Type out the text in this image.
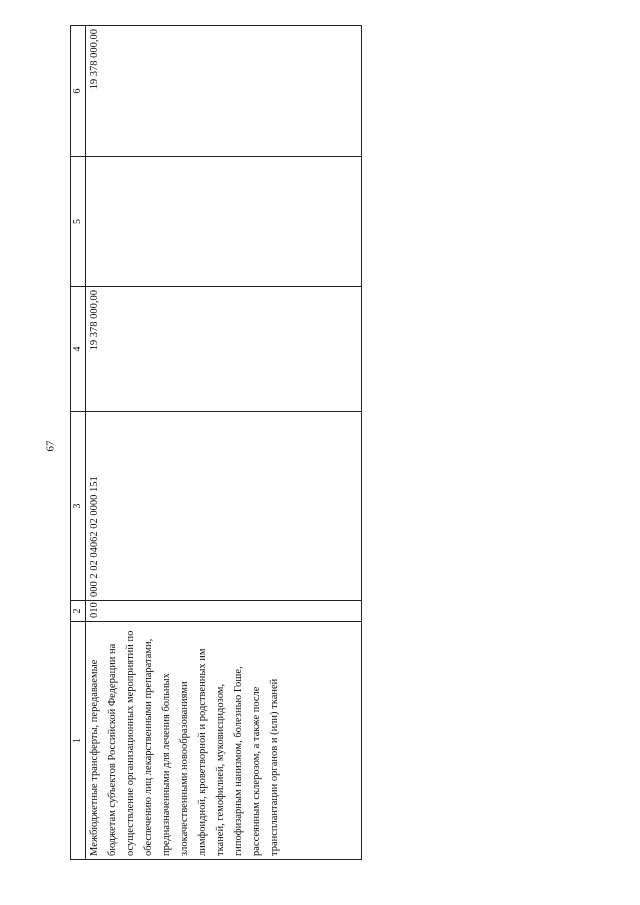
67
1	2	3	4	5	6
Межбюджетные трансферты, передаваемые бюджетам субъектов Российской Федерации на осуществление организационных мероприятий по обеспечению лиц лекарственными препаратами, предназначенными для лечения больных злокачественными новообразованиями лимфоидной, кроветворной и родственных им тканей, гемофилией, муковисцидозом, гипофизарным нанизмом, болезнью Гоше, рассеянным склерозом, а также после трансплантации органов и (или) тканей	010	000 2 02 04062 02 0000 151	19 378 000,00		19 378 000,00
